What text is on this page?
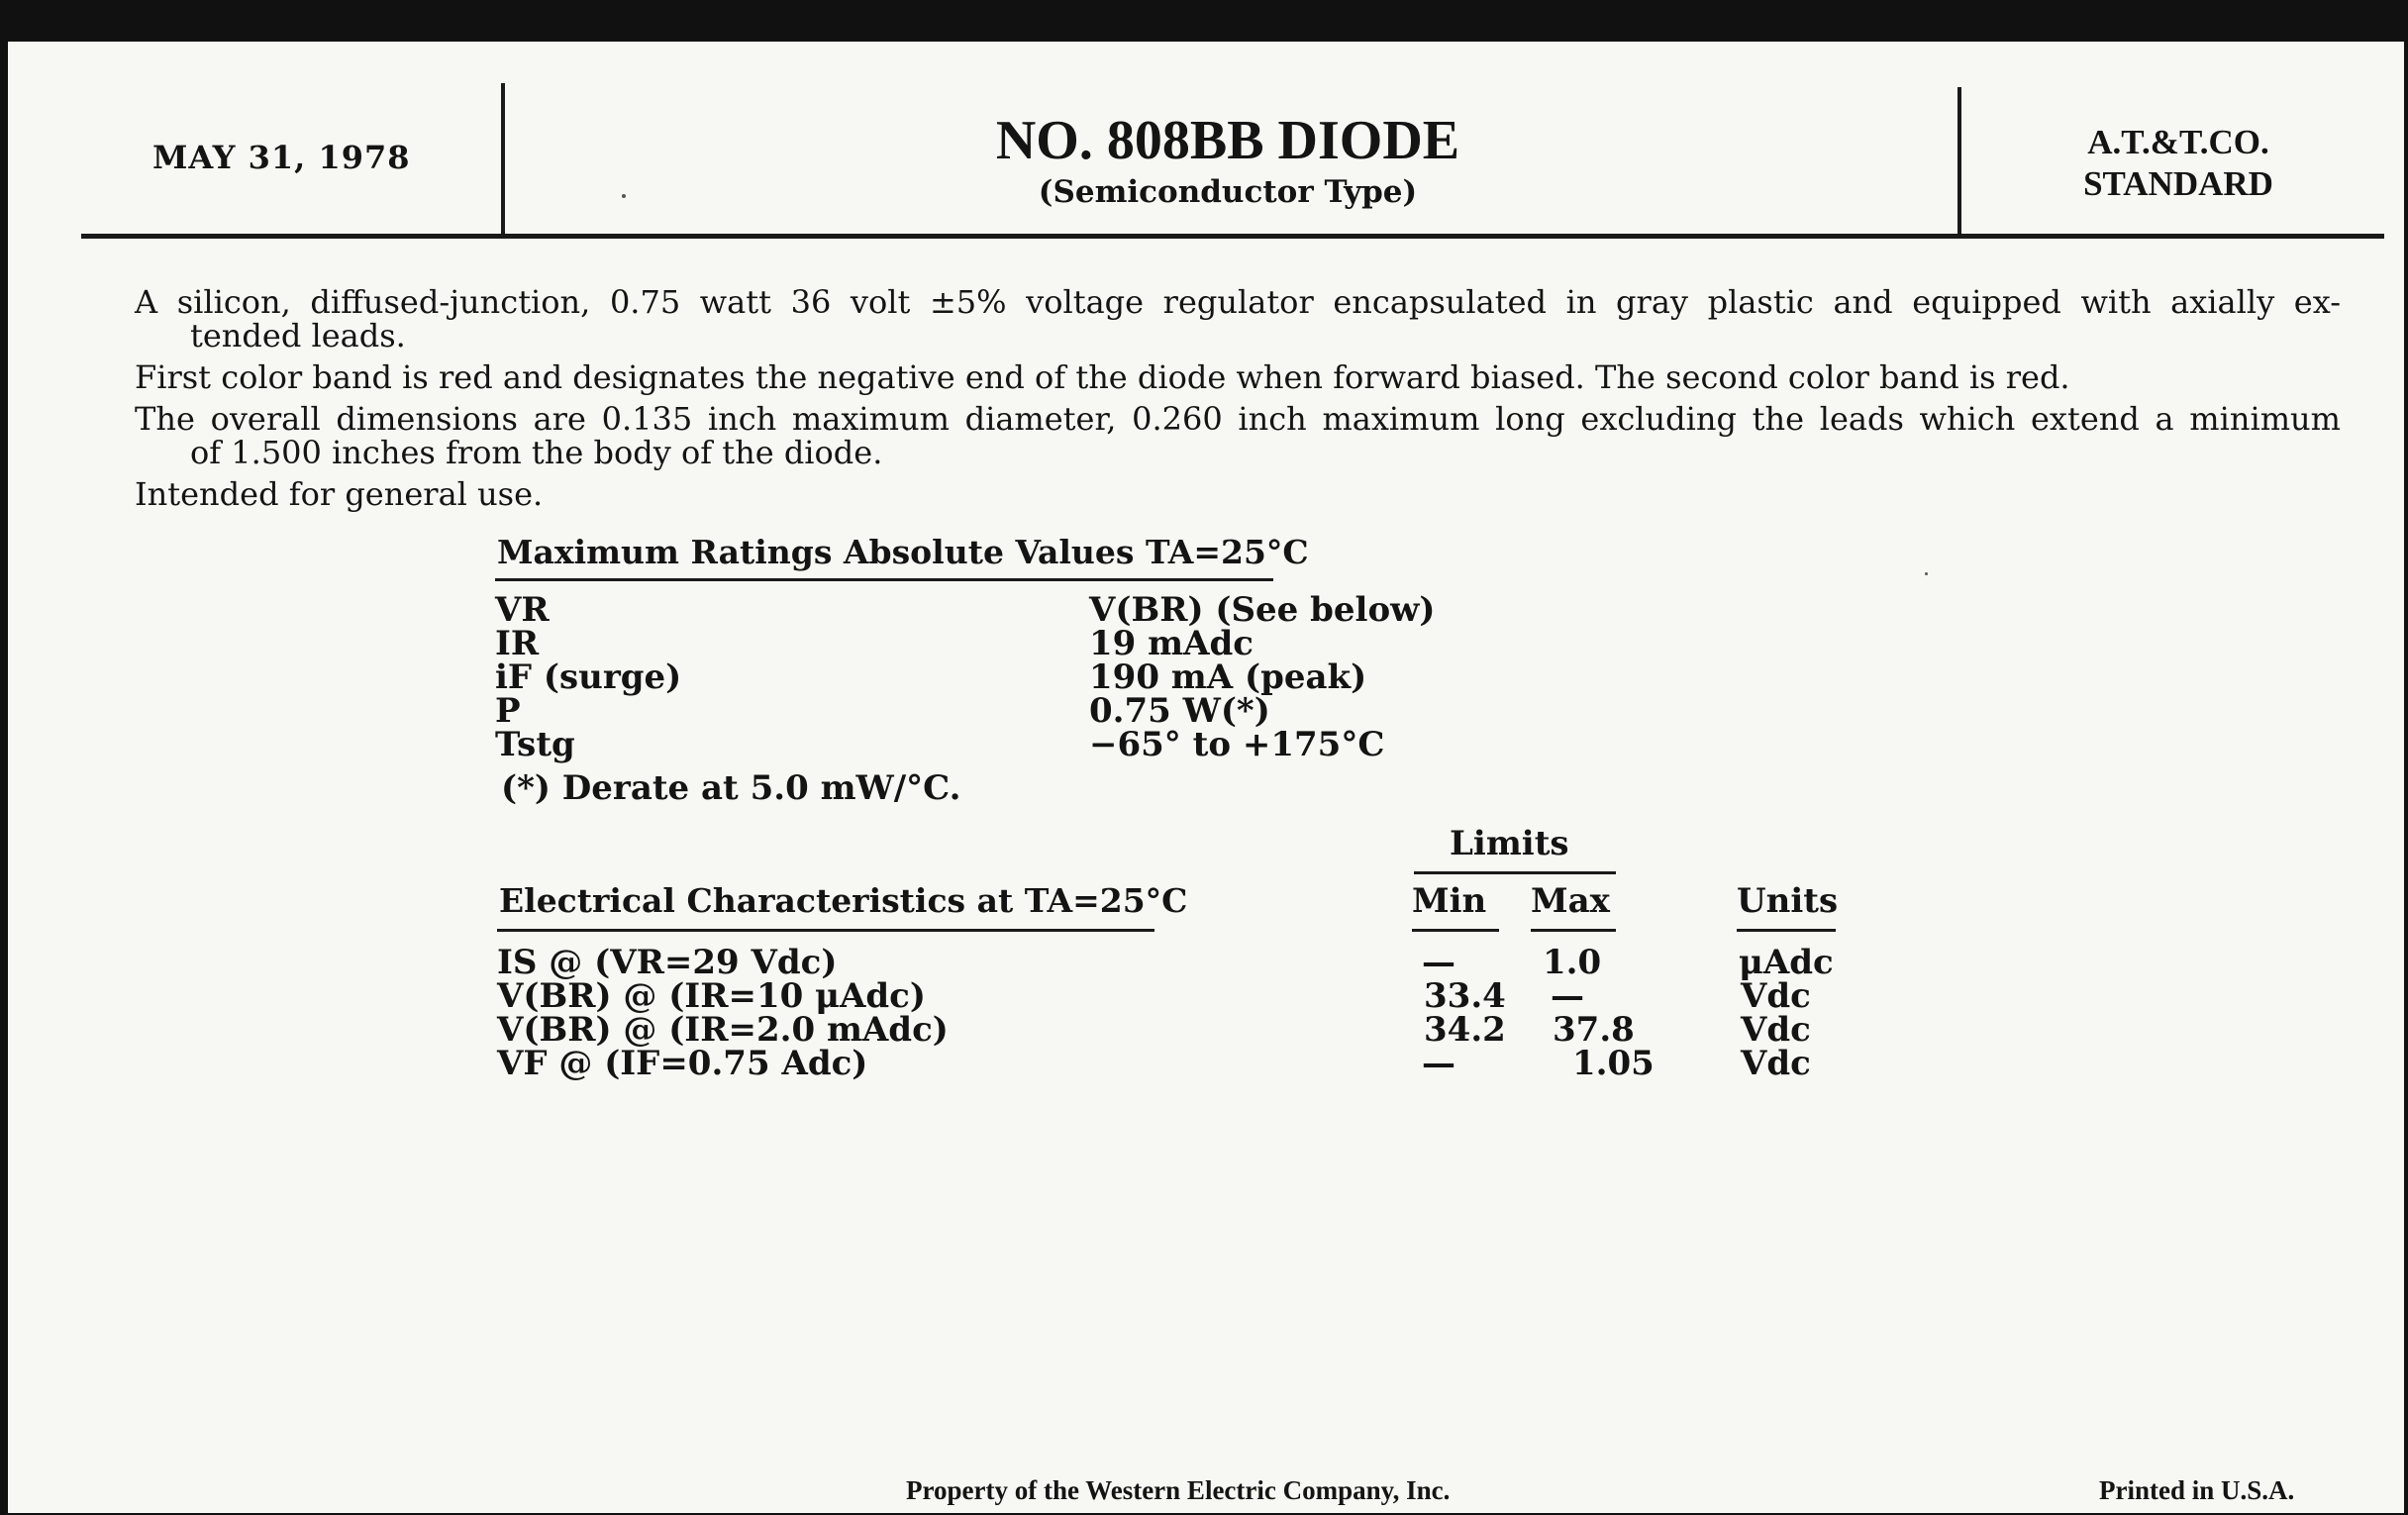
MAY 31, 1978	NO. 808BB DIODE
(Semiconductor Type)
A.T.&T.CO.
STANDARD
A silicon, diffused-junction, 0.75 watt 36 volt ±5% voltage regulator encapsulated in gray plastic and equipped with axially ex-
tended leads.
First color band is red and designates the negative end of the diode when forward biased. The second color band is red.
The overall dimensions are 0.135 inch maximum diameter, 0.260 inch maximum long excluding the leads which extend a minimum
of 1.500 inches from the body of the diode.
Intended for general use.
Maximum Ratings Absolute Values TA=25°C
VR	V(BR) (See below)
IR	19 mAdc
iF (surge)	190 mA (peak)
P	0.75 W(*)
Tstg	−65° to +175°C
(*) Derate at 5.0 mW/°C.
Limits
Electrical Characteristics at TA=25°C	Min Max	Units
IS @ (VR=29 Vdc)	—	1.0	μAdc
V(BR) @ (IR=10 μAdc)	33.4 —	Vdc
V(BR) @ (IR=2.0 mAdc)	34.2 37.8	Vdc
VF @ (IF=0.75 Adc)	—	1.05	Vdc
Property of the Western Electric Company, Inc.	Printed in U.S.A.
